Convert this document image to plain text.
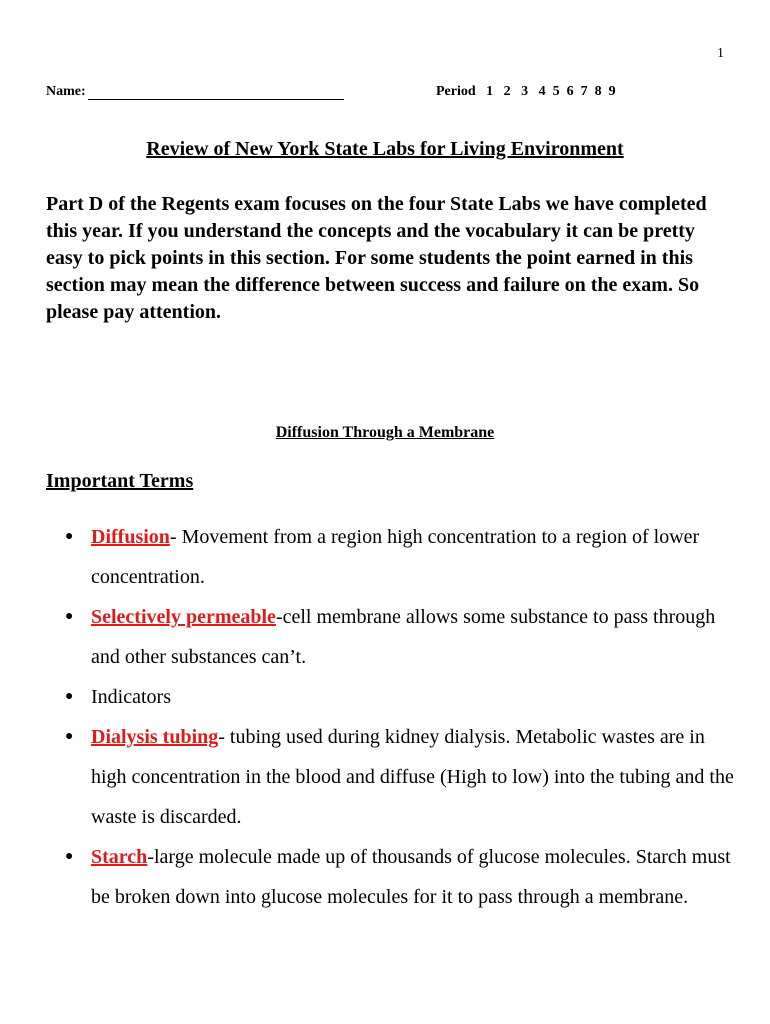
1
Name:	Period   1   2   3   4  5  6  7  8  9
Review of New York State Labs for Living Environment

Part D of the Regents exam focuses on the four State Labs we have completed this year. If you understand the concepts and the vocabulary it can be pretty easy to pick points in this section. For some students the point earned in this section may mean the difference between success and failure on the exam. So please pay attention.

Diffusion Through a Membrane
Important Terms
● Diffusion- Movement from a region high concentration to a region of lower concentration.
● Selectively permeable-cell membrane allows some substance to pass through and other substances can’t.
● Indicators
● Dialysis tubing- tubing used during kidney dialysis. Metabolic wastes are in high concentration in the blood and diffuse (High to low) into the tubing and the waste is discarded.
● Starch-large molecule made up of thousands of glucose molecules. Starch must be broken down into glucose molecules for it to pass through a membrane.
